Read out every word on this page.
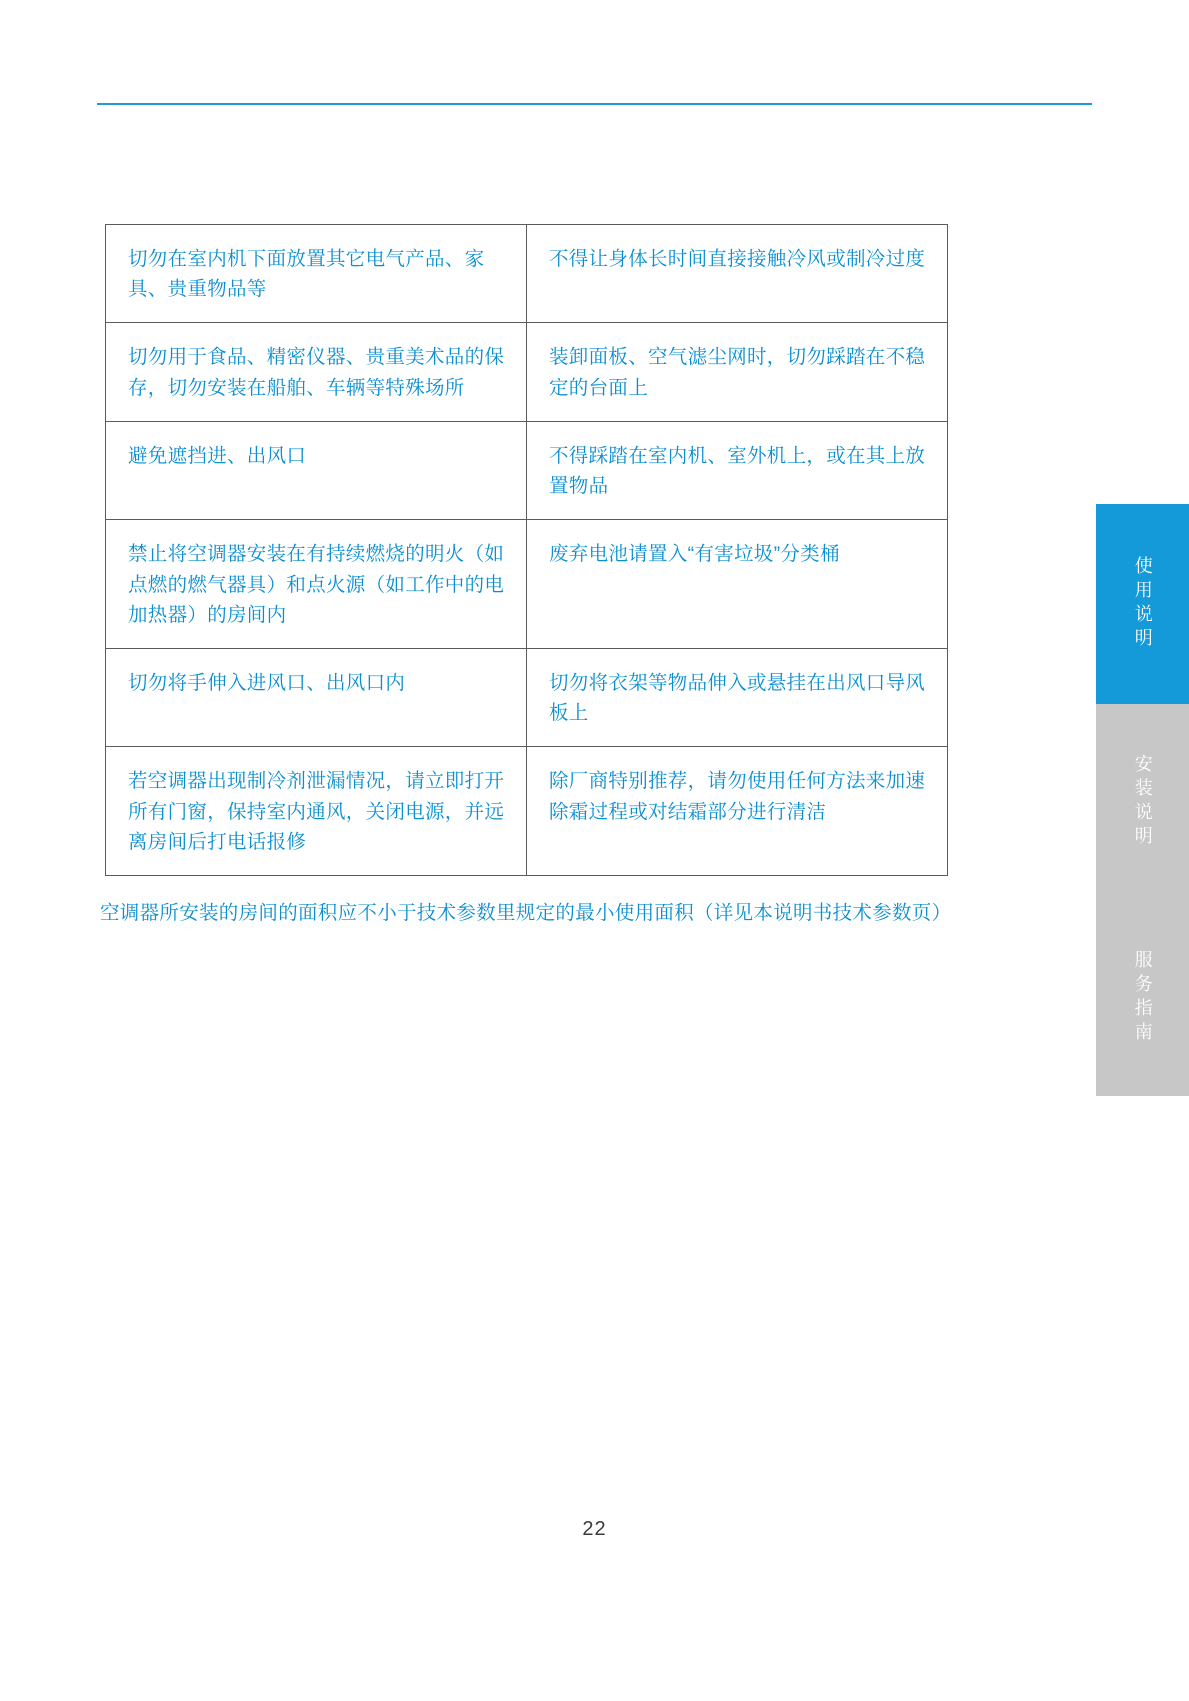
切勿在室内机下面放置其它电气产品、家具、贵重物品等	不得让身体长时间直接接触冷风或制冷过度

切勿用于食品、精密仪器、贵重美术品的保存，切勿安装在船舶、车辆等特殊场所	装卸面板、空气滤尘网时，切勿踩踏在不稳定的台面上

避免遮挡进、出风口	不得踩踏在室内机、室外机上，或在其上放置物品

禁止将空调器安装在有持续燃烧的明火（如点燃的燃气器具）和点火源（如工作中的电加热器）的房间内	废弃电池请置入“有害垃圾”分类桶

切勿将手伸入进风口、出风口内	切勿将衣架等物品伸入或悬挂在出风口导风板上

若空调器出现制冷剂泄漏情况，请立即打开所有门窗，保持室内通风，关闭电源，并远离房间后打电话报修	除厂商特别推荐，请勿使用任何方法来加速除霜过程或对结霜部分进行清洁
空调器所安装的房间的面积应不小于技术参数里规定的最小使用面积（详见本说明书技术参数页）
使用说明
安装说明
服务指南
22
